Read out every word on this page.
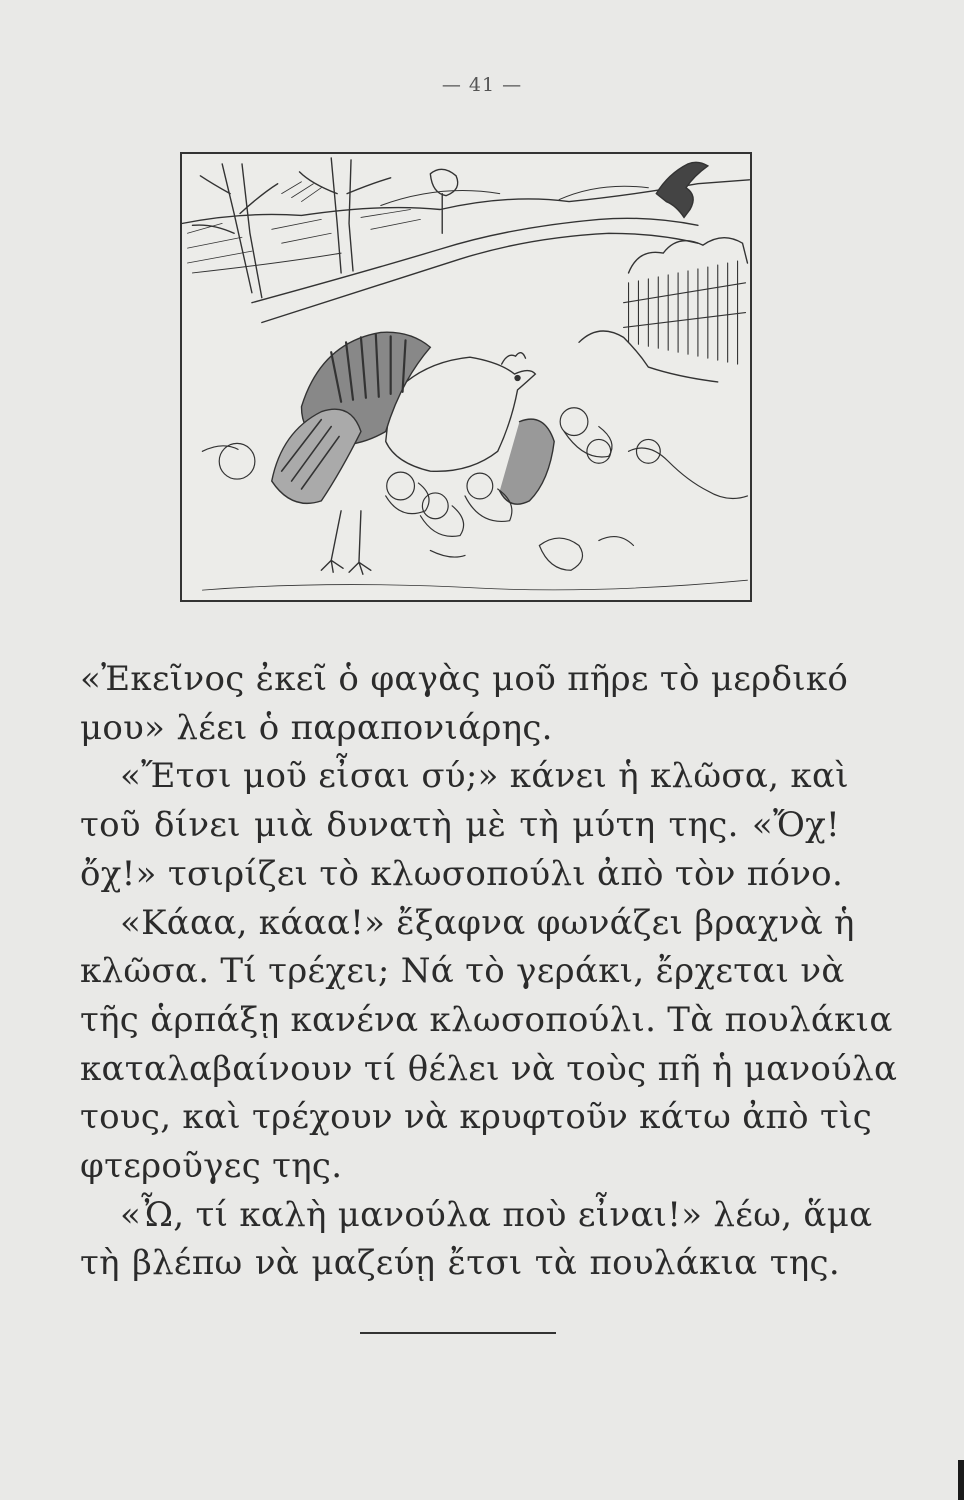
— 41 —
«Ἐκεῖνος ἐκεῖ ὁ φαγὰς μοῦ πῆρε τὸ μερδικό
μου» λέει ὁ παραπονιάρης.
«Ἔτσι μοῦ εἶσαι σύ;» κάνει ἡ κλῶσα, καὶ
τοῦ δίνει μιὰ δυνατὴ μὲ τὴ μύτη της. «Ὄχ!
ὄχ!» τσιρίζει τὸ κλωσοπούλι ἀπὸ τὸν πόνο.
«Κάαα, κάαα!» ἔξαφνα φωνάζει βραχνὰ ἡ
κλῶσα. Τί τρέχει; Νά τὸ γεράκι, ἔρχεται νὰ
τῆς ἁρπάξῃ κανένα κλωσοπούλι. Τὰ πουλάκια
καταλαβαίνουν τί θέλει νὰ τοὺς πῆ ἡ μανούλα
τους, καὶ τρέχουν νὰ κρυφτοῦν κάτω ἀπὸ τὶς
φτεροῦγες της.
«Ὦ, τί καλὴ μανούλα ποὺ εἶναι!» λέω, ἅμα
τὴ βλέπω νὰ μαζεύῃ ἔτσι τὰ πουλάκια της.
